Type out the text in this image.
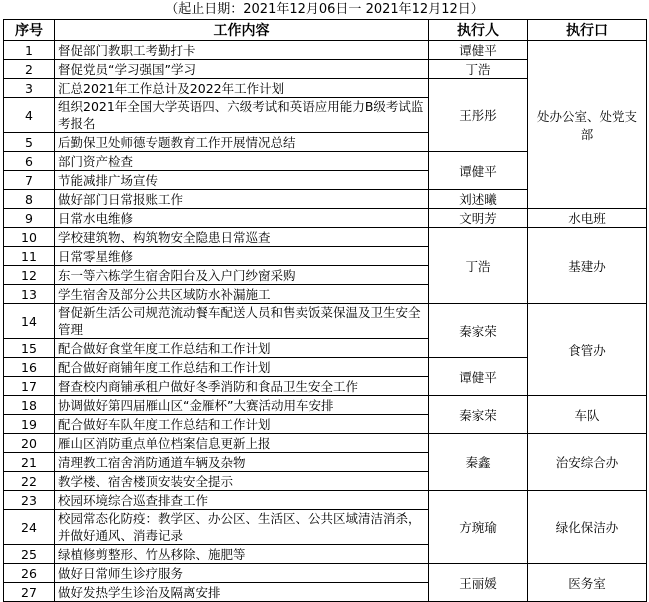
（起止日期：2021年12月06日一 2021年12月12日）
序号	工作内容	执行人	执行口
1	督促部门教职工考勤打卡	谭健平	处办公室、处党支部
2	督促党员“学习强国”学习	丁浩	
3	汇总2021年工作总计及2022年工作计划	王彤彤	
4	组织2021年全国大学英语四、六级考试和英语应用能力B级考试监考报名		
5	后勤保卫处师德专题教育工作开展情况总结		
6	部门资产检查	谭健平	
7	节能减排广场宣传		
8	做好部门日常报账工作	刘述曦	
9	日常水电维修	文明芳	水电班
10	学校建筑物、构筑物安全隐患日常巡查	丁浩	基建办
11	日常零星维修		
12	东一等六栋学生宿舍阳台及入户门纱窗采购		
13	学生宿舍及部分公共区域防水补漏施工		
14	督促新生活公司规范流动餐车配送人员和售卖饭菜保温及卫生安全管理	秦家荣	食管办
15	配合做好食堂年度工作总结和工作计划		
16	配合做好商铺年度工作总结和工作计划	谭健平	
17	督查校内商铺承租户做好冬季消防和食品卫生安全工作		
18	协调做好第四届雁山区“金雁杯”大赛活动用车安排	秦家荣	车队
19	配合做好车队年度工作总结和工作计划		
20	雁山区消防重点单位档案信息更新上报	秦鑫	治安综合办
21	清理教工宿舍消防通道车辆及杂物		
22	教学楼、宿舍楼顶安装安全提示		
23	校园环境综合巡查排查工作	方琬瑜	绿化保洁办
24	校园常态化防疫：教学区、办公区、生活区、公共区域清洁消杀，并做好通风、消毒记录		
25	绿植修剪整形、竹丛移除、施肥等		
26	做好日常师生诊疗服务	王丽媛	医务室
27	做好发热学生诊治及隔离安排		
